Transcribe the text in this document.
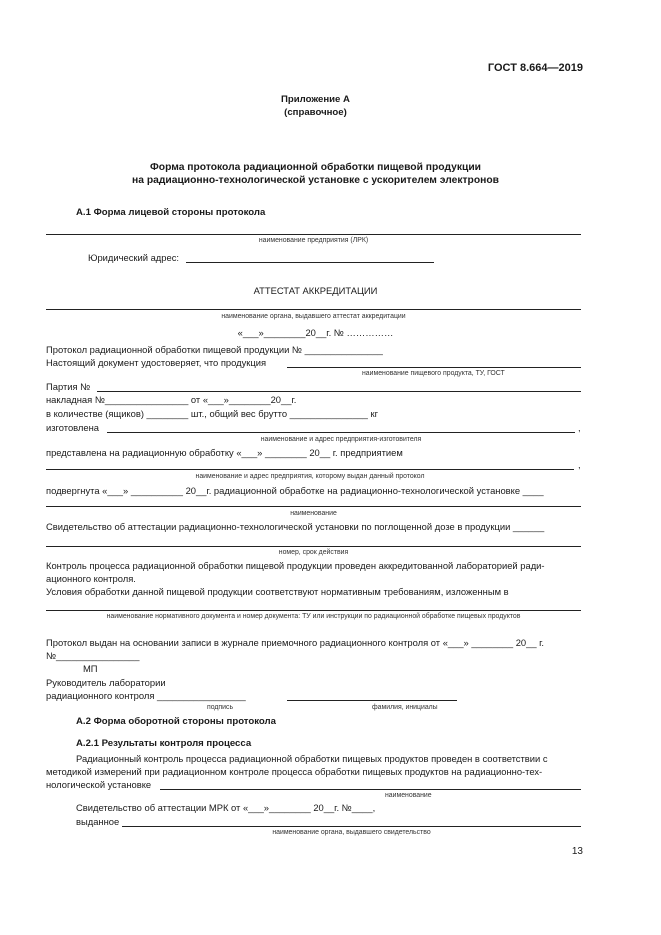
ГОСТ 8.664—2019
Приложение А
(справочное)
Форма протокола радиационной обработки пищевой продукции
на радиационно-технологической установке с ускорителем электронов
А.1 Форма лицевой стороны протокола
наименование предприятия (ЛРК)
Юридический адрес:
АТТЕСТАТ АККРЕДИТАЦИИ
наименование органа, выдавшего аттестат аккредитации
«___»________20__г. № ……………
Протокол радиационной обработки пищевой продукции № _______________
Настоящий документ удостоверяет, что продукция
наименование пищевого продукта, ТУ, ГОСТ
Партия №
накладная №________________ от «___»________20__г.
в количестве (ящиков) ________ шт., общий вес брутто _______________ кг
изготовлена	,
наименование и адрес предприятия-изготовителя
представлена на радиационную обработку «___» ________ 20__ г. предприятием
,
наименование и адрес предприятия, которому выдан данный протокол
подвергнута «___» __________ 20__г. радиационной обработке на радиационно-технологической установке ____
наименование
Свидетельство об аттестации радиационно-технологической установки по поглощенной дозе в продукции ______
номер, срок действия
Контроль процесса радиационной обработки пищевой продукции проведен аккредитованной лабораторией ради-
ационного контроля.
Условия обработки данной пищевой продукции соответствуют нормативным требованиям, изложенным в
наименование нормативного документа и номер документа: ТУ или инструкции по радиационной обработке пищевых продуктов
Протокол выдан на основании записи в журнале приемочного радиационного контроля от «___» ________ 20__ г.
№________________
МП
Руководитель лаборатории
радиационного контроля _________________
подпись	фамилия, инициалы
А.2 Форма оборотной стороны протокола
А.2.1 Результаты контроля процесса
Радиационный контроль процесса радиационной обработки пищевых продуктов проведен в соответствии с
методикой измерений при радиационном контроле процесса обработки пищевых продуктов на радиационно-тех-
нологической установке
наименование
Свидетельство об аттестации МРК от «___»________ 20__г. №____,
выданное
наименование органа, выдавшего свидетельство
13
